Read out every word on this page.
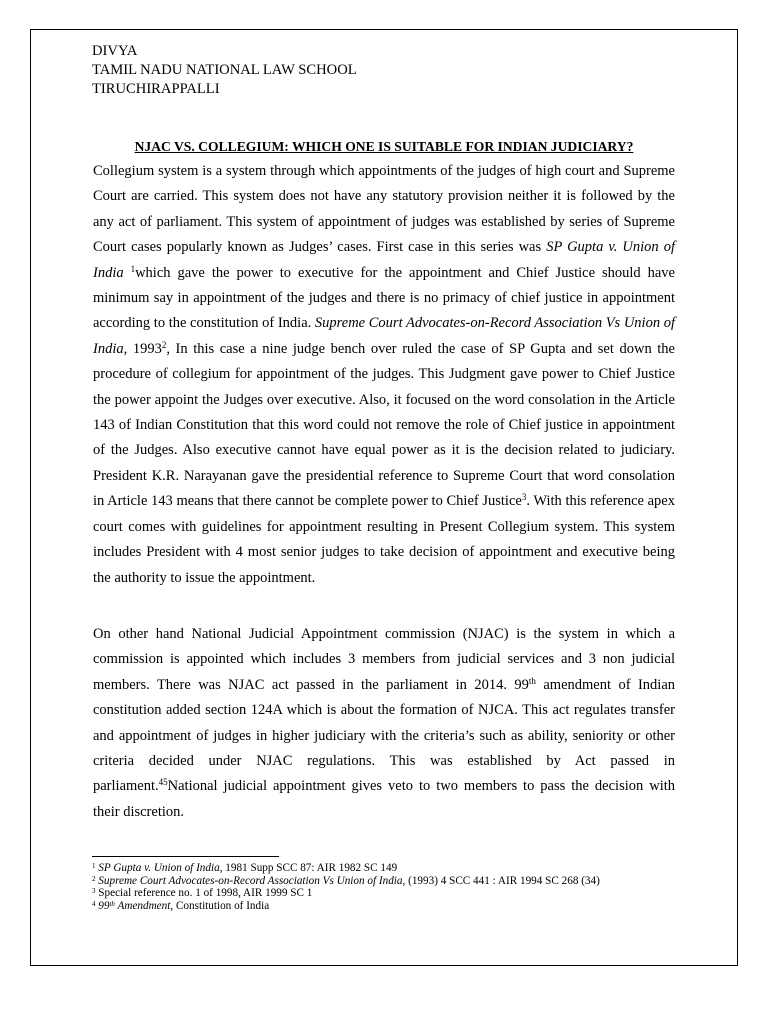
DIVYA
TAMIL NADU NATIONAL LAW SCHOOL
TIRUCHIRAPPALLI
NJAC VS. COLLEGIUM: WHICH ONE IS SUITABLE FOR INDIAN JUDICIARY?

Collegium system is a system through which appointments of the judges of high court and Supreme Court are carried. This system does not have any statutory provision neither it is followed by the any act of parliament. This system of appointment of judges was established by series of Supreme Court cases popularly known as Judges’ cases. First case in this series was SP Gupta v. Union of India $^1$which gave the power to executive for the appointment and Chief Justice should have minimum say in appointment of the judges and there is no primacy of chief justice in appointment according to the constitution of India. Supreme Court Advocates-on-Record Association Vs Union of India, 1993$^2$, In this case a nine judge bench over ruled the case of SP Gupta and set down the procedure of collegium for appointment of the judges. This Judgment gave power to Chief Justice the power appoint the Judges over executive. Also, it focused on the word consolation in the Article 143 of Indian Constitution that this word could not remove the role of Chief justice in appointment of the Judges. Also executive cannot have equal power as it is the decision related to judiciary. President K.R. Narayanan gave the presidential reference to Supreme Court that word consolation in Article 143 means that there cannot be complete power to Chief Justice$^3$. With this reference apex court comes with guidelines for appointment resulting in Present Collegium system. This system includes President with 4 most senior judges to take decision of appointment and executive being the authority to issue the appointment.

On other hand National Judicial Appointment commission (NJAC) is the system in which a commission is appointed which includes 3 members from judicial services and 3 non judicial members. There was NJAC act passed in the parliament in 2014. 99th amendment of Indian constitution added section 124A which is about the formation of NJCA. This act regulates transfer and appointment of judges in higher judiciary with the criteria’s such as ability, seniority or other criteria decided under NJAC regulations. This was established by Act passed in parliament.$^{45}$National judicial appointment gives veto to two members to pass the decision with their discretion.

$^1$ SP Gupta v. Union of India, 1981 Supp SCC 87: AIR 1982 SC 149

$^2$ Supreme Court Advocates-on-Record Association Vs Union of India, (1993) 4 SCC 441 : AIR 1994 SC 268 (34)

$^3$ Special reference no. 1 of 1998, AIR 1999 SC 1

$^4$ 99th Amendment, Constitution of India
